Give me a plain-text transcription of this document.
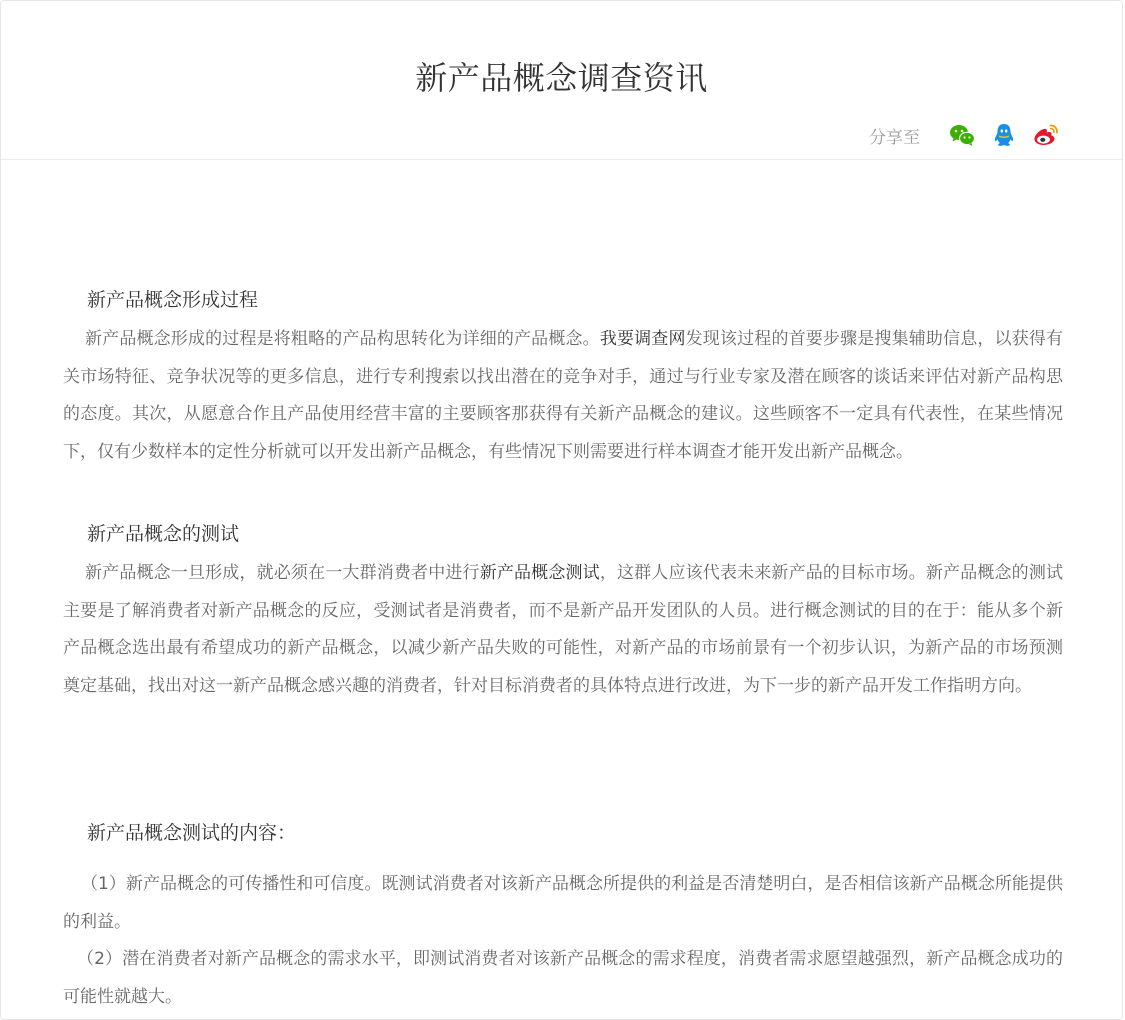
新产品概念调查资讯
分享至
新产品概念形成过程
新产品概念形成的过程是将粗略的产品构思转化为详细的产品概念。我要调查网发现该过程的首要步骤是搜集辅助信息，以获得有关市场特征、竞争状况等的更多信息，进行专利搜索以找出潜在的竞争对手，通过与行业专家及潜在顾客的谈话来评估对新产品构思的态度。其次，从愿意合作且产品使用经营丰富的主要顾客那获得有关新产品概念的建议。这些顾客不一定具有代表性，在某些情况下，仅有少数样本的定性分析就可以开发出新产品概念，有些情况下则需要进行样本调查才能开发出新产品概念。
新产品概念的测试
新产品概念一旦形成，就必须在一大群消费者中进行新产品概念测试，这群人应该代表未来新产品的目标市场。新产品概念的测试主要是了解消费者对新产品概念的反应，受测试者是消费者，而不是新产品开发团队的人员。进行概念测试的目的在于：能从多个新产品概念选出最有希望成功的新产品概念，以减少新产品失败的可能性，对新产品的市场前景有一个初步认识，为新产品的市场预测奠定基础，找出对这一新产品概念感兴趣的消费者，针对目标消费者的具体特点进行改进，为下一步的新产品开发工作指明方向。
新产品概念测试的内容：
（1）新产品概念的可传播性和可信度。既测试消费者对该新产品概念所提供的利益是否清楚明白，是否相信该新产品概念所能提供的利益。
（2）潜在消费者对新产品概念的需求水平，即测试消费者对该新产品概念的需求程度，消费者需求愿望越强烈，新产品概念成功的可能性就越大。
